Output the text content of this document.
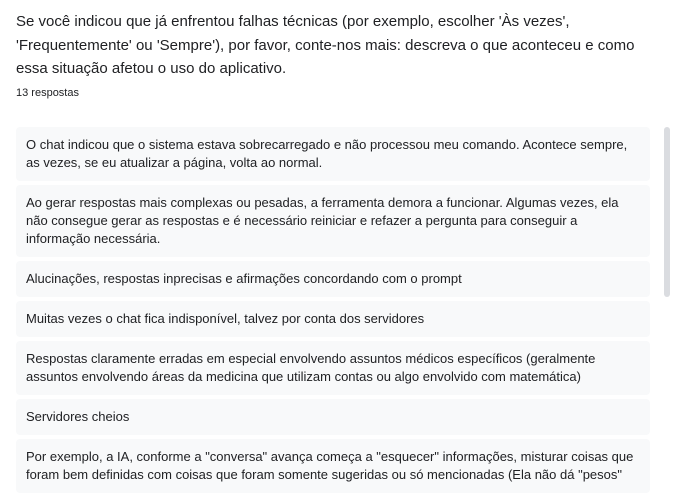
Se você indicou que já enfrentou falhas técnicas (por exemplo, escolher 'Às vezes', 'Frequentemente' ou 'Sempre'), por favor, conte-nos mais: descreva o que aconteceu e como essa situação afetou o uso do aplicativo.

13 respostas
O chat indicou que o sistema estava sobrecarregado e não processou meu comando. Acontece sempre, as vezes, se eu atualizar a página, volta ao normal.
Ao gerar respostas mais complexas ou pesadas, a ferramenta demora a funcionar. Algumas vezes, ela não consegue gerar as respostas e é necessário reiniciar e refazer a pergunta para conseguir a informação necessária.
Alucinações, respostas inprecisas e afirmações concordando com o prompt
Muitas vezes o chat fica indisponível, talvez por conta dos servidores
Respostas claramente erradas em especial envolvendo assuntos médicos específicos (geralmente assuntos envolvendo áreas da medicina que utilizam contas ou algo envolvido com matemática)
Servidores cheios
Por exemplo, a IA, conforme a "conversa" avança começa a "esquecer" informações, misturar coisas que foram bem definidas com coisas que foram somente sugeridas ou só mencionadas (Ela não dá "pesos"
